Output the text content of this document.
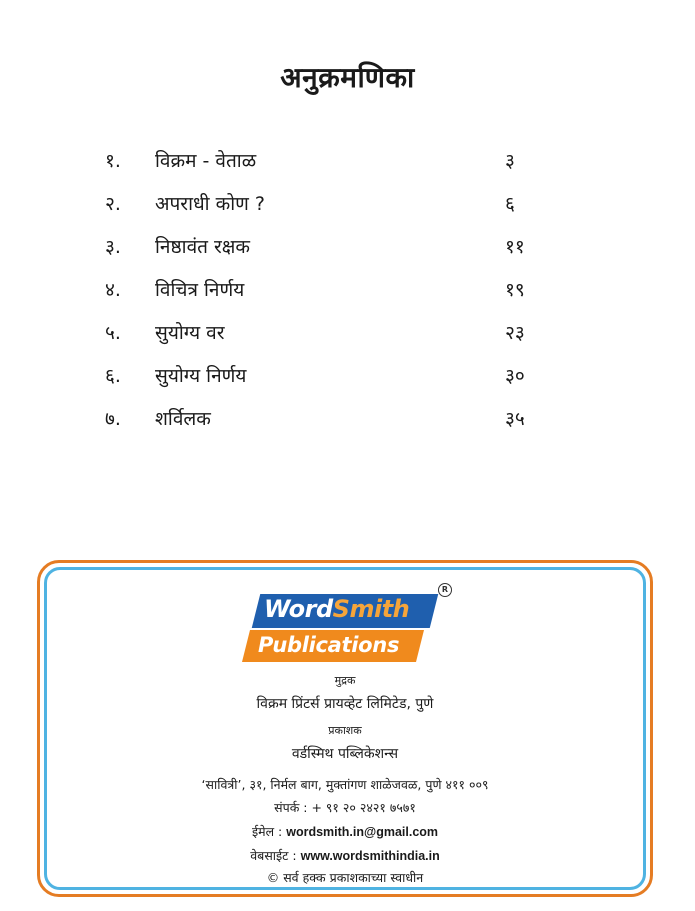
अनुक्रमणिका
१. विक्रम - वेताळ	३
२. अपराधी कोण ?	६
३. निष्ठावंत रक्षक	११
४. विचित्र निर्णय	१९
५. सुयोग्य वर	२३
६. सुयोग्य निर्णय	३०
७. शर्विलक	३५
WordSmith
Publications
R
मुद्रक
विक्रम प्रिंटर्स प्रायव्हेट लिमिटेड, पुणे
प्रकाशक
वर्डस्मिथ पब्लिकेशन्स
‘सावित्री’, ३१, निर्मल बाग, मुक्तांगण शाळेजवळ, पुणे ४११ ००९
संपर्क : + ९१ २० २४२१ ७५७१
ईमेल : wordsmith.in@gmail.com
वेबसाईट : www.wordsmithindia.in
© सर्व हक्क प्रकाशकाच्या स्वाधीन
